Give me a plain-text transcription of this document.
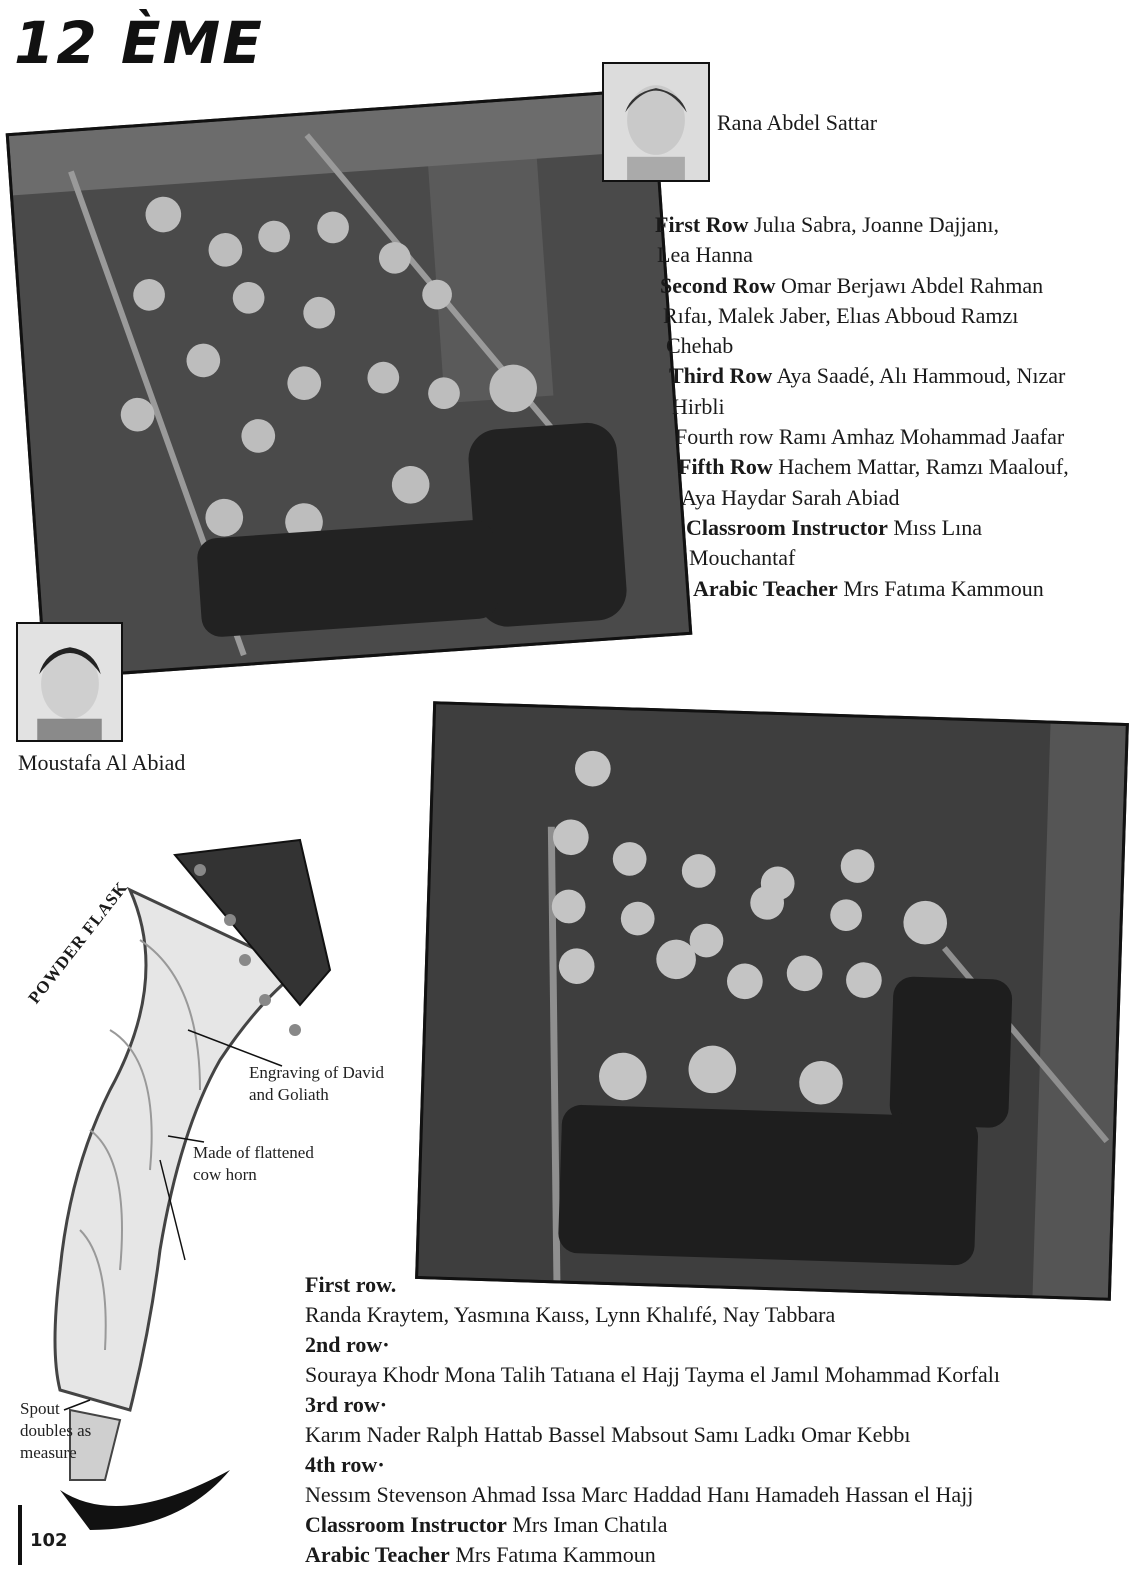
12 ÈME
Rana Abdel Sattar

First Row Julıa Sabra, Joanne Dajjanı,

Lea Hanna

Second Row Omar Berjawı Abdel Rahman

Rıfaı, Malek Jaber, Elıas Abboud Ramzı

Chehab

Third Row Aya Saadé, Alı Hammoud, Nızar

Hirbli

Fourth row Ramı Amhaz Mohammad Jaafar

Fifth Row Hachem Mattar, Ramzı Maalouf,

Aya Haydar Sarah Abiad

Classroom Instructor Mıss Lına

Mouchantaf

Arabic Teacher Mrs Fatıma Kammoun

Moustafa Al Abiad
POWDER FLASK
Engraving of David
and Goliath
Made of flattened
cow horn
Spout
doubles as
measure

First row.

Randa Kraytem, Yasmına Kaıss, Lynn Khalıfé, Nay Tabbara

2nd row·

Souraya Khodr Mona Talih Tatıana el Hajj Tayma el Jamıl Mohammad Korfalı

3rd row·

Karım Nader Ralph Hattab Bassel Mabsout Samı Ladkı Omar Kebbı

4th row·

Nessım Stevenson Ahmad Issa Marc Haddad Hanı Hamadeh Hassan el Hajj

Classroom Instructor Mrs Iman Chatıla

Arabic Teacher Mrs Fatıma Kammoun

102
